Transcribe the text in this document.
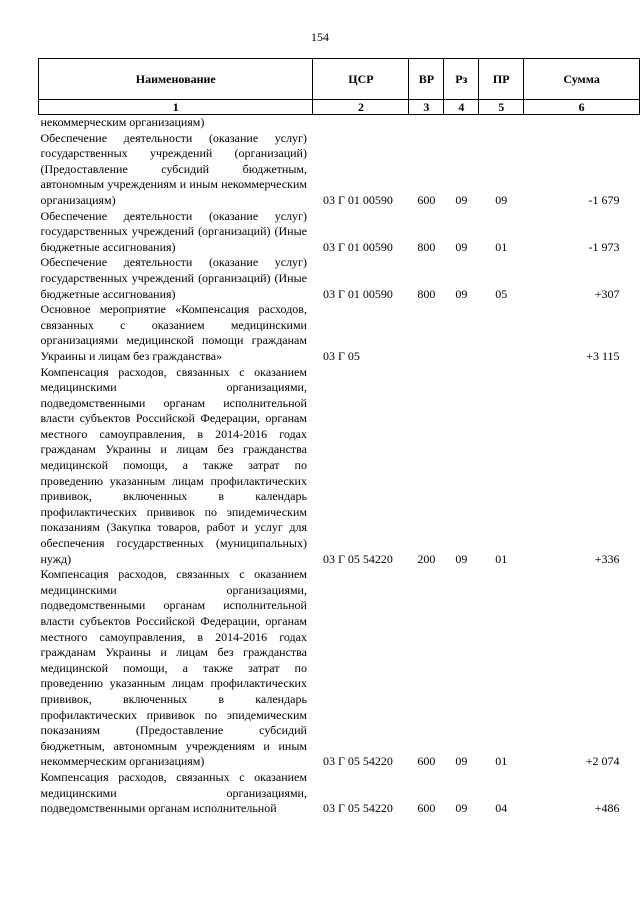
154
Наименование	ЦСР	ВР	Рз	ПР	Сумма
1	2	3	4	5	6
некоммерческим организациям)					
Обеспечение деятельности (оказание услуг) государственных учреждений (организаций) (Предоставление субсидий бюджетным, автономным учреждениям и иным некоммерческим организациям)	03 Г 01 00590	600	09	09	-1 679
Обеспечение деятельности (оказание услуг) государственных учреждений (организаций) (Иные бюджетные ассигнования)	03 Г 01 00590	800	09	01	-1 973
Обеспечение деятельности (оказание услуг) государственных учреждений (организаций) (Иные бюджетные ассигнования)	03 Г 01 00590	800	09	05	+307
Основное мероприятие «Компенсация расходов, связанных с оказанием медицинскими организациями медицинской помощи гражданам Украины и лицам без гражданства»	03 Г 05				+3 115
Компенсация расходов, связанных с оказанием медицинскими организациями, подведомственными органам исполнительной власти субъектов Российской Федерации, органам местного самоуправления, в 2014-2016 годах гражданам Украины и лицам без гражданства медицинской помощи, а также затрат по проведению указанным лицам профилактических прививок, включенных в календарь профилактических прививок по эпидемическим показаниям (Закупка товаров, работ и услуг для обеспечения государственных (муниципальных) нужд)	03 Г 05 54220	200	09	01	+336
Компенсация расходов, связанных с оказанием медицинскими организациями, подведомственными органам исполнительной власти субъектов Российской Федерации, органам местного самоуправления, в 2014-2016 годах гражданам Украины и лицам без гражданства медицинской помощи, а также затрат по проведению указанным лицам профилактических прививок, включенных в календарь профилактических прививок по эпидемическим показаниям (Предоставление субсидий бюджетным, автономным учреждениям и иным некоммерческим организациям)	03 Г 05 54220	600	09	01	+2 074
Компенсация расходов, связанных с оказанием медицинскими организациями, подведомственными органам исполнительной	03 Г 05 54220	600	09	04	+486
